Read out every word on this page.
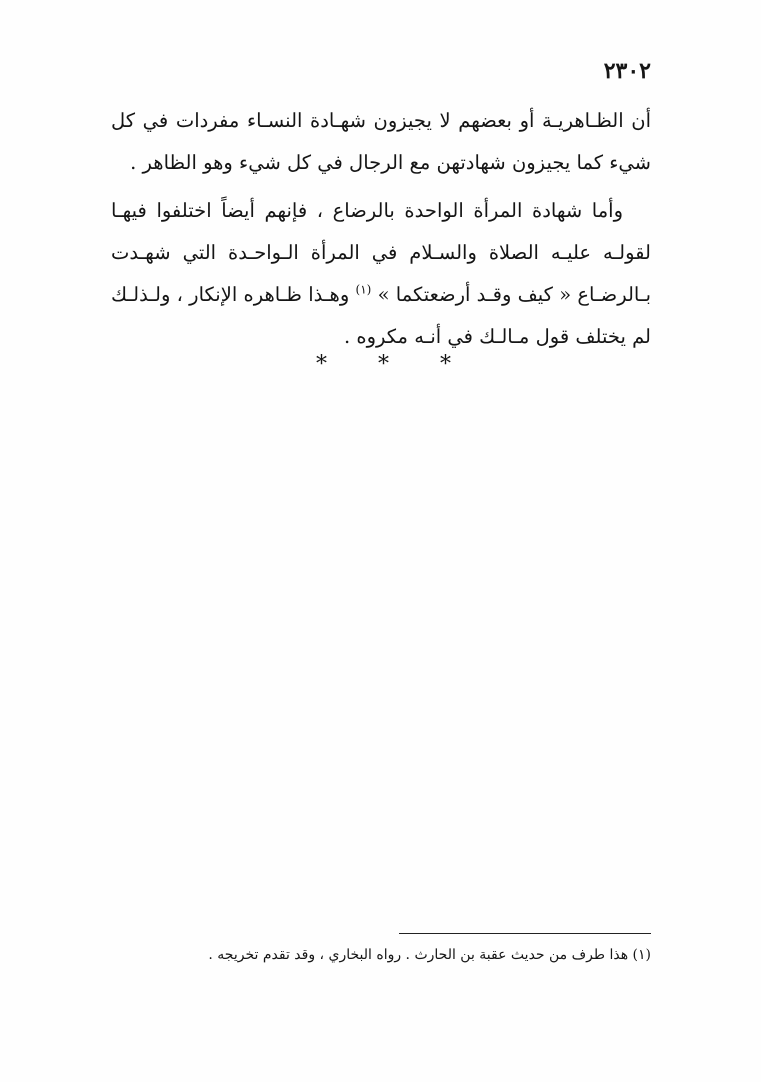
٢٣٠٢

أن الظـاهريـة أو بعضهم لا يجيزون شهـادة النسـاء مفردات في كل شيء كما يجيزون شهادتهن مع الرجال في كل شيء وهو الظاهر .

وأما شهادة المرأة الواحدة بالرضاع ، فإنهم أيضاً اختلفوا فيهـا لقولـه عليـه الصلاة والسـلام في المرأة الـواحـدة التي شهـدت بـالرضـاع « كيف وقـد أرضعتكما » $^{(١)}$ وهـذا ظـاهره الإنكار ، ولـذلـك لم يختلف قول مـالـك في أنـه مكروه .

* * *
(١) هذا طرف من حديث عقبة بن الحارث . رواه البخاري ، وقد تقدم تخريجه .
